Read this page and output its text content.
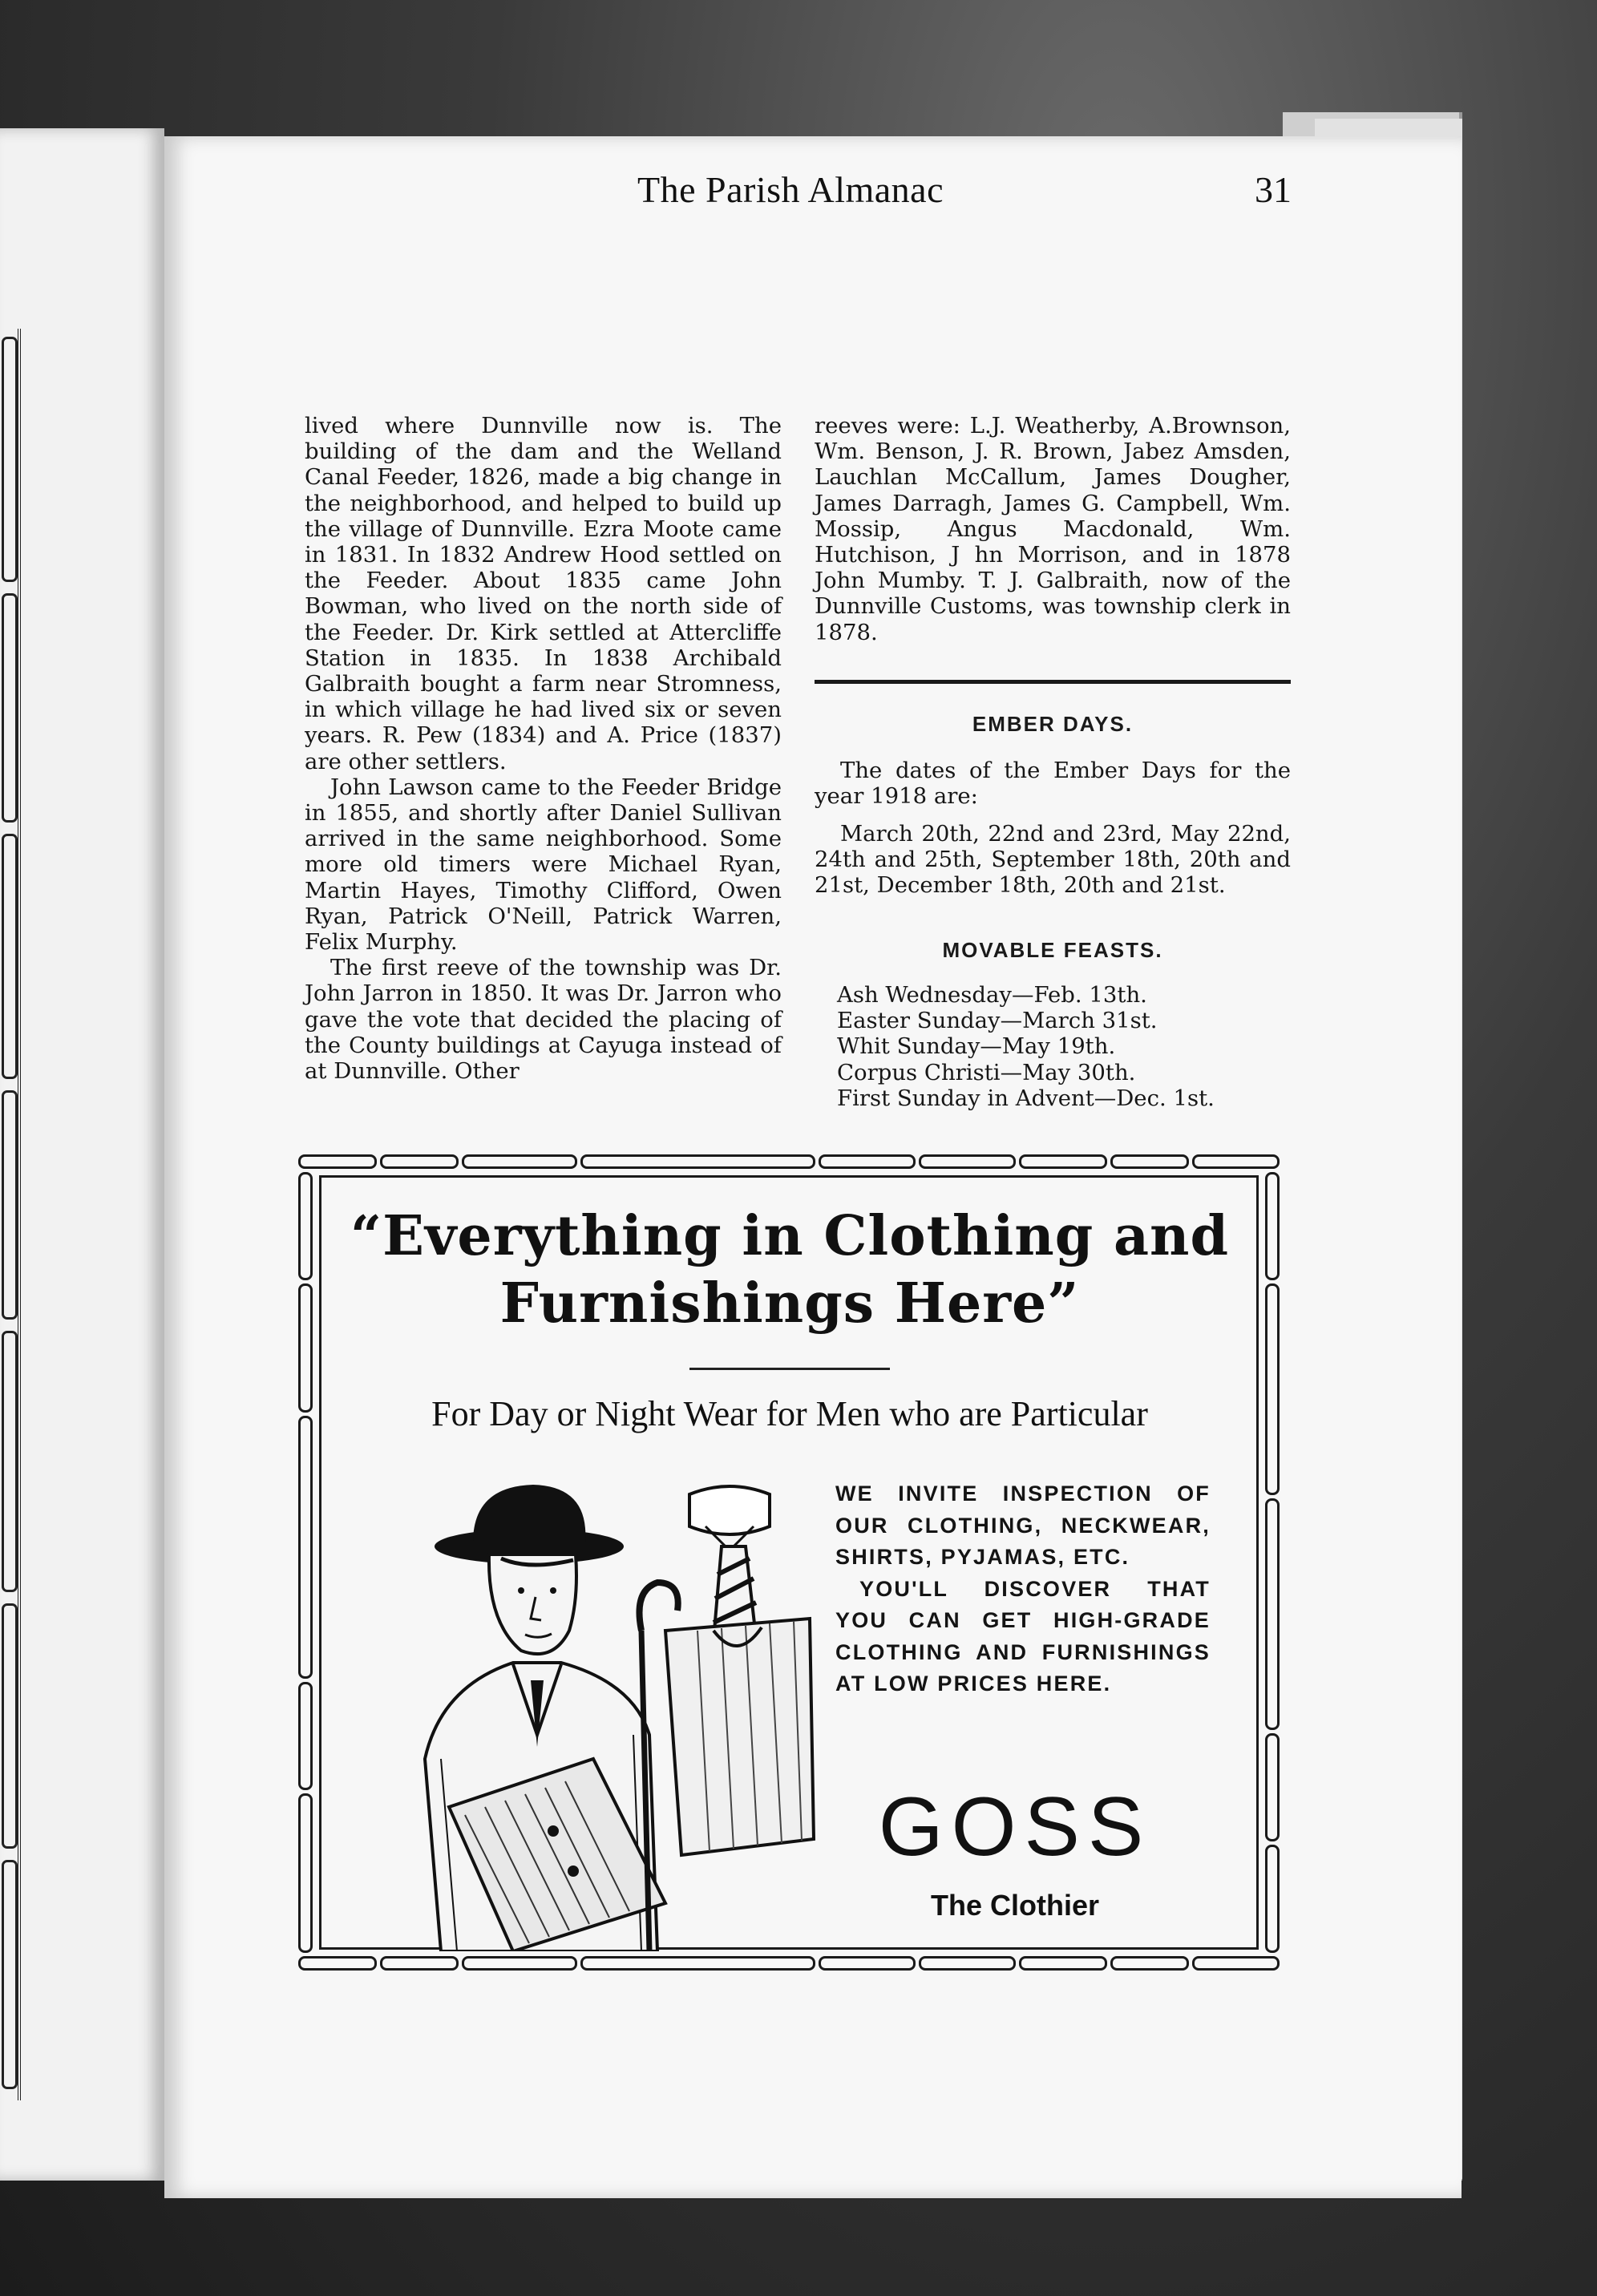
The Parish Almanac	31

lived where Dunnville now is. The building of the dam and the Welland Canal Feeder, 1826, made a big change in the neighborhood, and helped to build up the village of Dunnville. Ezra Moote came in 1831. In 1832 Andrew Hood settled on the Feeder. About 1835 came John Bowman, who lived on the north side of the Feeder. Dr. Kirk settled at Attercliffe Station in 1835. In 1838 Archibald Galbraith bought a farm near Stromness, in which village he had lived six or seven years. R. Pew (1834) and A. Price (1837) are other settlers.

John Lawson came to the Feeder Bridge in 1855, and shortly after Daniel Sullivan arrived in the same neighborhood. Some more old timers were Michael Ryan, Martin Hayes, Timothy Clifford, Owen Ryan, Patrick O'Neill, Patrick Warren, Felix Murphy.

The first reeve of the township was Dr. John Jarron in 1850. It was Dr. Jarron who gave the vote that decided the placing of the County buildings at Cayuga instead of at Dunnville. Other

reeves were: L.J. Weatherby, A.Brownson, Wm. Benson, J. R. Brown, Jabez Amsden, Lauchlan McCallum, James Dougher, James Darragh, James G. Campbell, Wm. Mossip, Angus Macdonald, Wm. Hutchison, J hn Morrison, and in 1878 John Mumby. T. J. Galbraith, now of the Dunnville Customs, was township clerk in 1878.

EMBER DAYS.

The dates of the Ember Days for the year 1918 are:

March 20th, 22nd and 23rd, May 22nd, 24th and 25th, September 18th, 20th and 21st, December 18th, 20th and 21st.

MOVABLE FEASTS.

Ash Wednesday—Feb. 13th.

Easter Sunday—March 31st.

Whit Sunday—May 19th.

Corpus Christi—May 30th.

First Sunday in Advent—Dec. 1st.

“Everything in Clothing and
Furnishings Here”
For Day or Night Wear for Men who are Particular

WE INVITE INSPECTION OF OUR CLOTHING, NECKWEAR, SHIRTS, PYJAMAS, ETC.

YOU'LL DISCOVER THAT YOU CAN GET HIGH-GRADE CLOTHING AND FURNISHINGS AT LOW PRICES HERE.

GOSS
The Clothier
